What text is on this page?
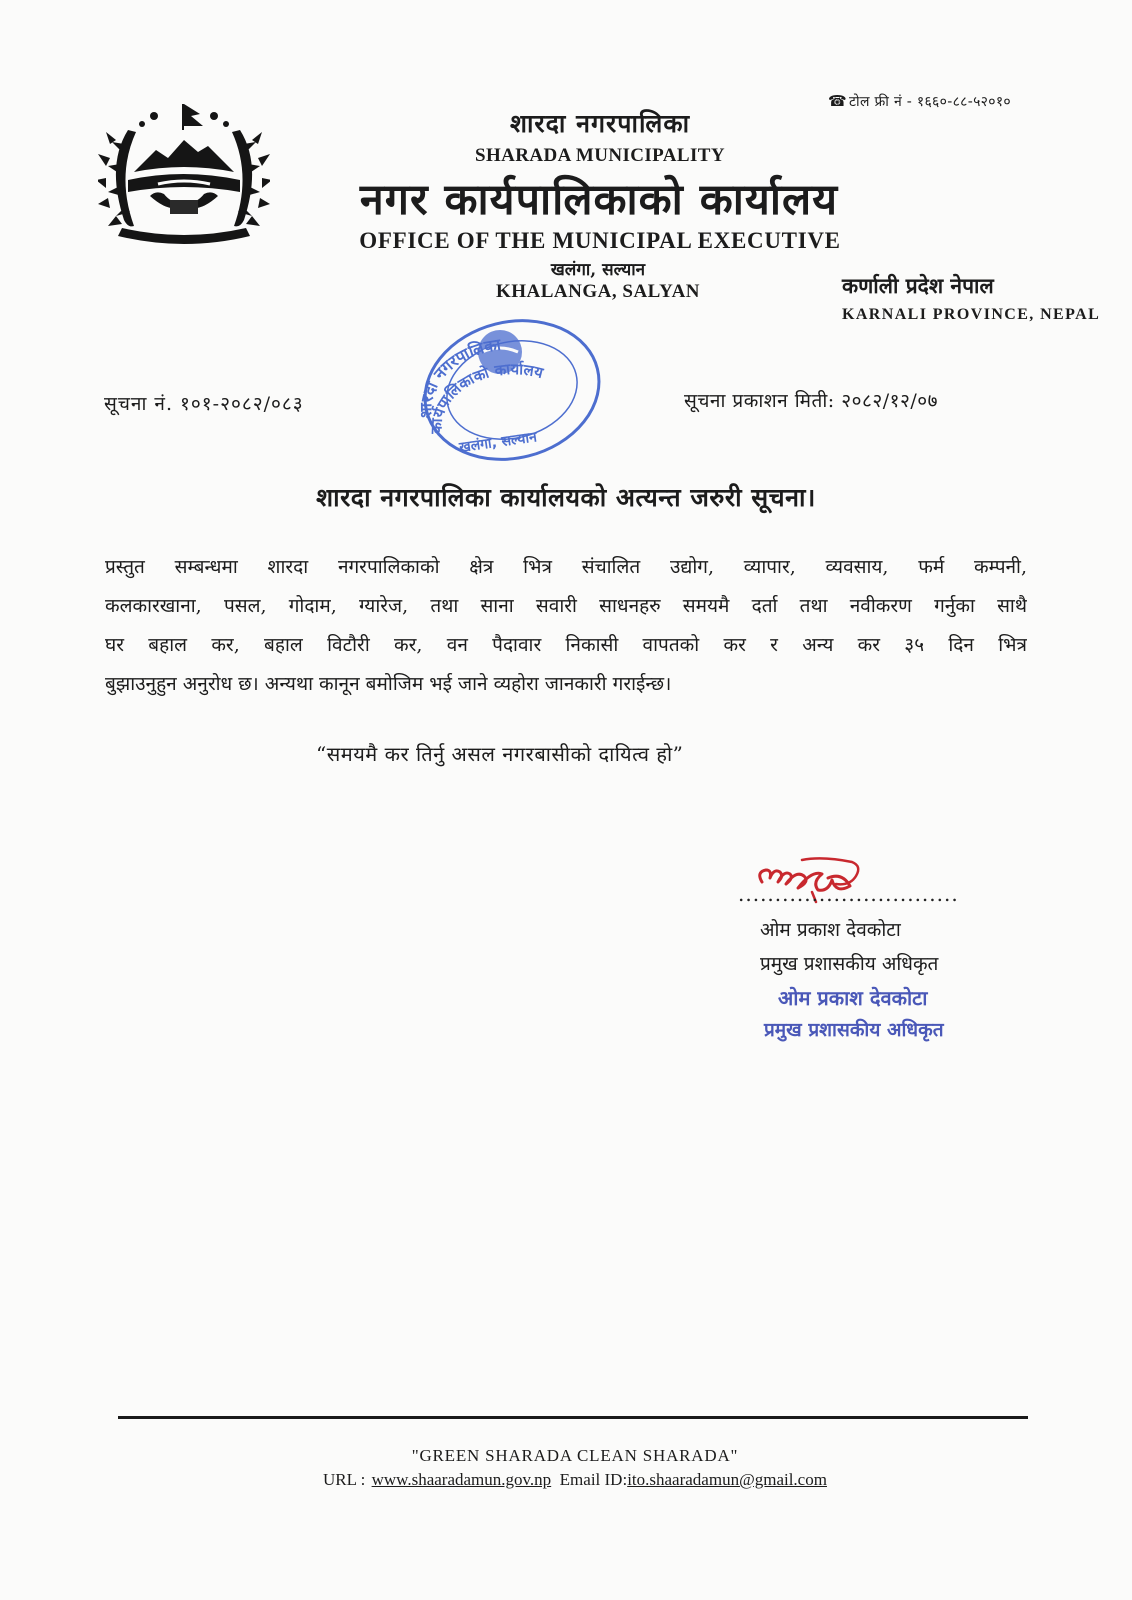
☎ टोल फ्री नं - १६६०-८८-५२०१०
शारदा नगरपालिका
SHARADA MUNICIPALITY
नगर कार्यपालिकाको कार्यालय
OFFICE OF THE MUNICIPAL EXECUTIVE
खलंगा, सल्यान
KHALANGA, SALYAN	कर्णाली प्रदेश नेपाल
KARNALI PROVINCE, NEPAL
सूचना नं. १०१-२०८२/०८३	सूचना प्रकाशन मिती: २०८२/१२/०७
शारदा नगरपालिका
कार्यपालिकाको कार्यालय
खलंगा, सल्यान
शारदा नगरपालिका कार्यालयको अत्यन्त जरुरी सूचना।

प्रस्तुत सम्बन्धमा शारदा नगरपालिकाको क्षेत्र भित्र संचालित उद्योग, व्यापार, व्यवसाय, फर्म कम्पनी,

कलकारखाना, पसल, गोदाम, ग्यारेज, तथा साना सवारी साधनहरु समयमै दर्ता तथा नवीकरण गर्नुका साथै

घर बहाल कर, बहाल विटौरी कर, वन पैदावार निकासी वापतको कर र अन्य कर ३५ दिन भित्र

बुझाउनुहुन अनुरोध छ। अन्यथा कानून बमोजिम भई जाने व्यहोरा जानकारी गराईन्छ।

“समयमै कर तिर्नु असल नगरबासीको दायित्व हो”
..............................
ओम प्रकाश देवकोटा
प्रमुख प्रशासकीय अधिकृत
ओम प्रकाश देवकोटा
प्रमुख प्रशासकीय अधिकृत
"GREEN SHARADA CLEAN SHARADA"
URL : www.shaaradamun.gov.np Email ID:ito.shaaradamun@gmail.com
